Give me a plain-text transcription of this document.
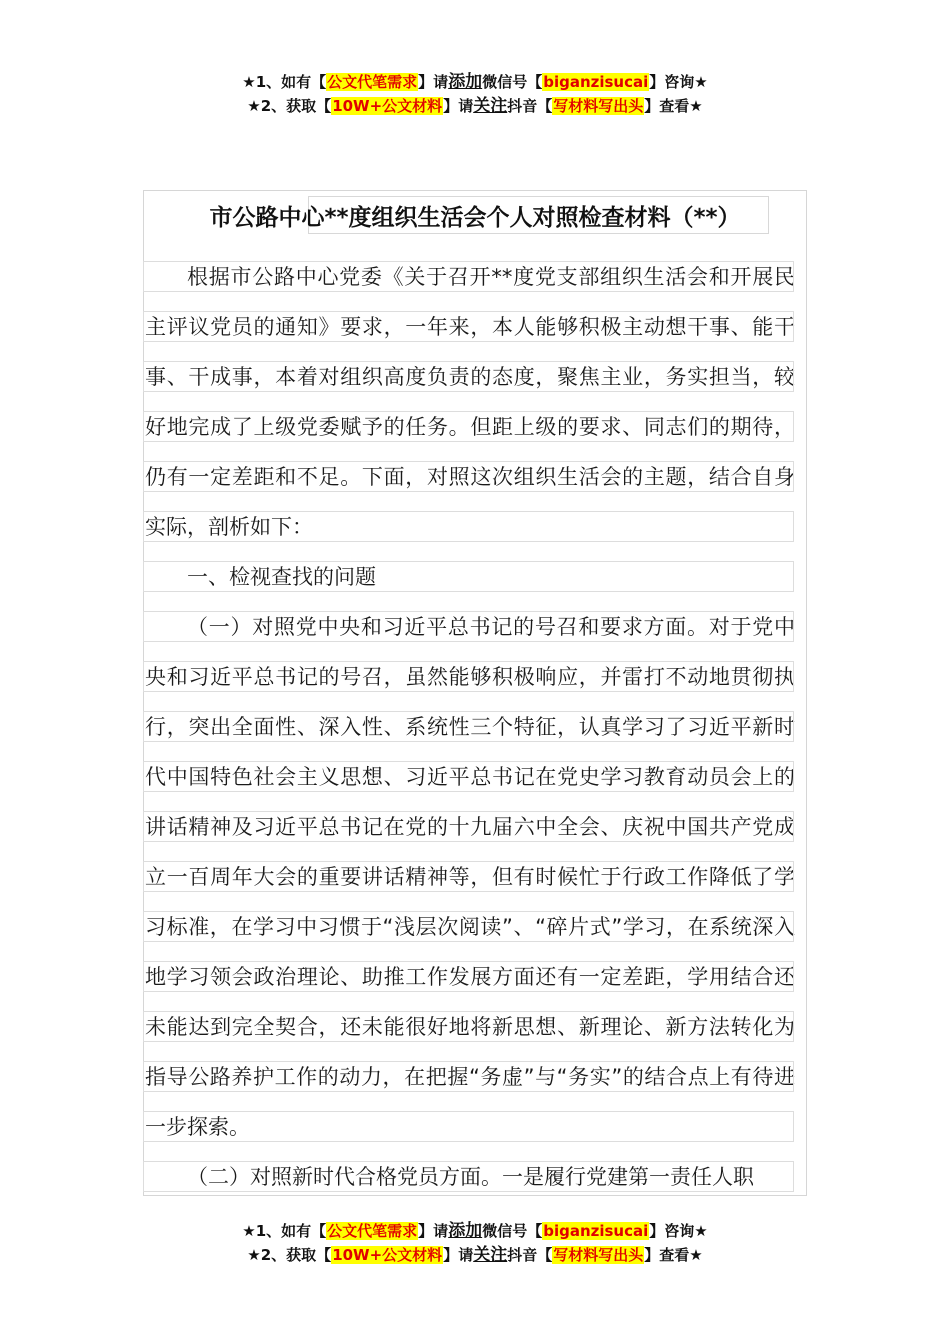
★1、如有【公文代笔需求】请添加微信号【biganzisucai】咨询★
★2、获取【10W+公文材料】请关注抖音【写材料写出头】查看★
市公路中心**度组织生活会个人对照检查材料（**）

根据市公路中心党委《关于召开**度党支部组织生活会和开展民主评议党员的通知》要求，一年来，本人能够积极主动想干事、能干事、干成事，本着对组织高度负责的态度，聚焦主业，务实担当，较好地完成了上级党委赋予的任务。但距上级的要求、同志们的期待，仍有一定差距和不足。下面，对照这次组织生活会的主题，结合自身实际，剖析如下：

一、检视查找的问题

（一）对照党中央和习近平总书记的号召和要求方面。对于党中央和习近平总书记的号召，虽然能够积极响应，并雷打不动地贯彻执行，突出全面性、深入性、系统性三个特征，认真学习了习近平新时代中国特色社会主义思想、习近平总书记在党史学习教育动员会上的讲话精神及习近平总书记在党的十九届六中全会、庆祝中国共产党成立一百周年大会的重要讲话精神等，但有时候忙于行政工作降低了学习标准，在学习中习惯于“浅层次阅读”、“碎片式”学习，在系统深入地学习领会政治理论、助推工作发展方面还有一定差距，学用结合还未能达到完全契合，还未能很好地将新思想、新理论、新方法转化为指导公路养护工作的动力，在把握“务虚”与“务实”的结合点上有待进一步探索。

（二）对照新时代合格党员方面。一是履行党建第一责任人职

★1、如有【公文代笔需求】请添加微信号【biganzisucai】咨询★
★2、获取【10W+公文材料】请关注抖音【写材料写出头】查看★
